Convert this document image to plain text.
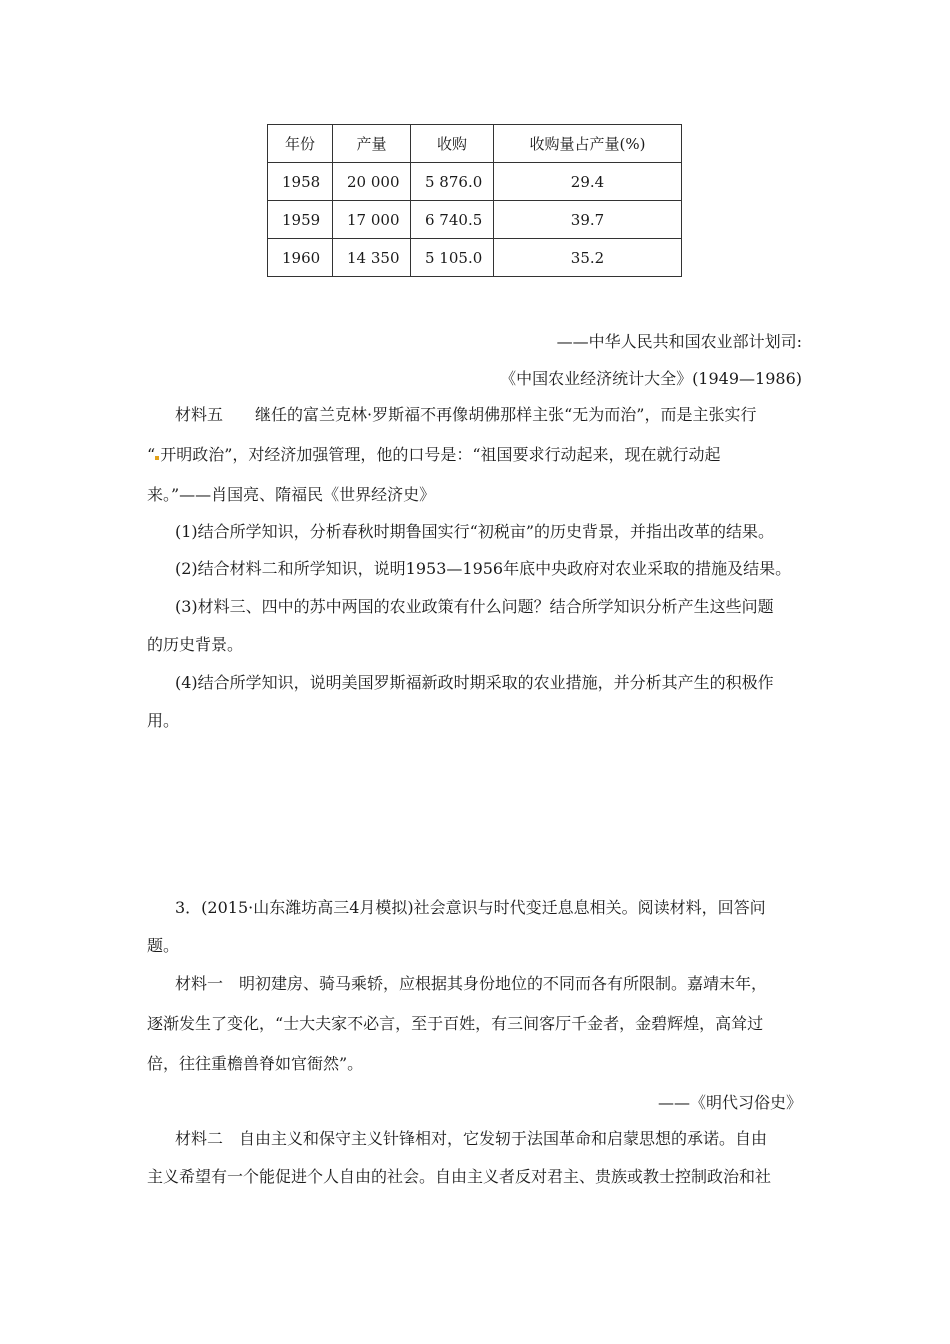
年份	产量	收购	收购量占产量(%)
1958	20 000	5 876.0	29.4
1959	17 000	6 740.5	39.7
1960	14 350	5 105.0	35.2
——中华人民共和国农业部计划司:
《中国农业经济统计大全》(1949—1986)
材料五　　继任的富兰克林·罗斯福不再像胡佛那样主张“无为而治”，而是主张实行
“ 开明政治”，对经济加强管理，他的口号是：“祖国要求行动起来，现在就行动起
来。”——肖国亮、隋福民《世界经济史》
(1)结合所学知识，分析春秋时期鲁国实行“初税亩”的历史背景，并指出改革的结果。
(2)结合材料二和所学知识，说明1953—1956年底中央政府对农业采取的措施及结果。
(3)材料三、四中的苏中两国的农业政策有什么问题？结合所学知识分析产生这些问题
的历史背景。
(4)结合所学知识，说明美国罗斯福新政时期采取的农业措施，并分析其产生的积极作
用。
3．(2015·山东潍坊高三4月模拟)社会意识与时代变迁息息相关。阅读材料，回答问
题。
材料一　明初建房、骑马乘轿，应根据其身份地位的不同而各有所限制。嘉靖末年，
逐渐发生了变化，“士大夫家不必言，至于百姓，有三间客厅千金者，金碧辉煌，高耸过
倍，往往重檐兽脊如官衙然”。
——《明代习俗史》
材料二　自由主义和保守主义针锋相对，它发轫于法国革命和启蒙思想的承诺。自由
主义希望有一个能促进个人自由的社会。自由主义者反对君主、贵族或教士控制政治和社
